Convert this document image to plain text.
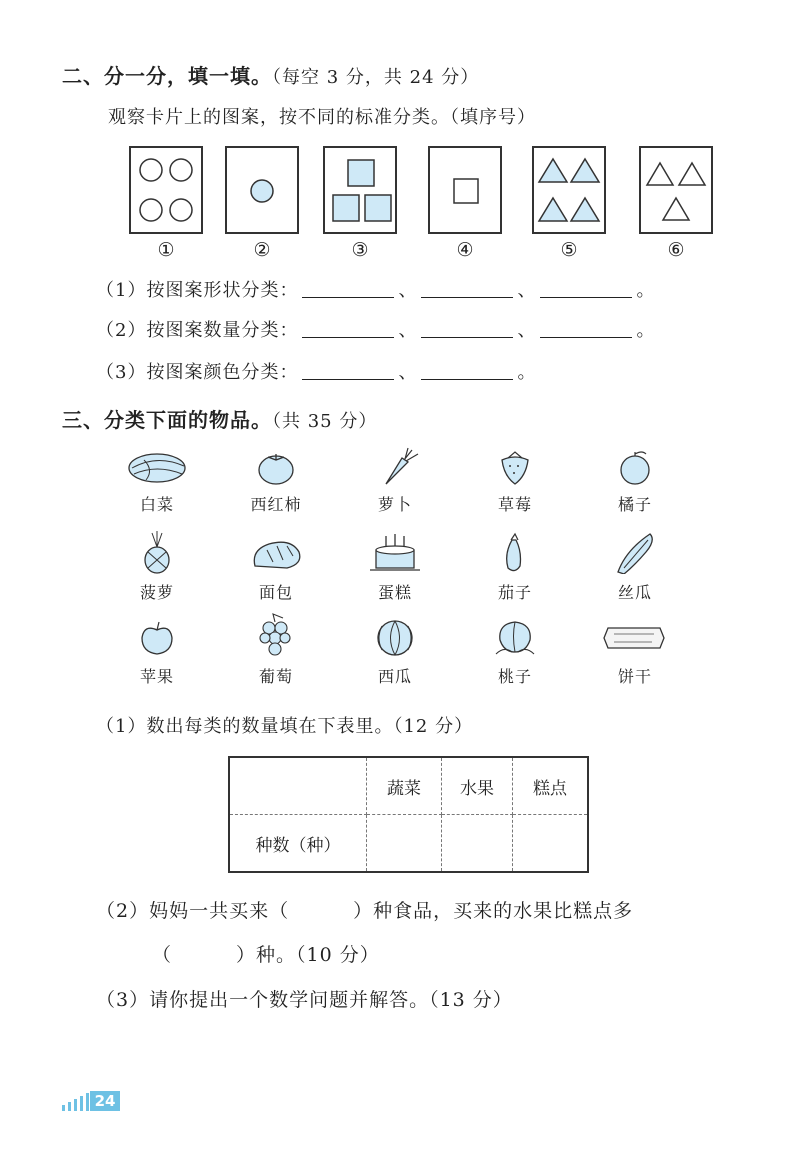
二、分一分，填一填。（每空 3 分，共 24 分）
观察卡片上的图案，按不同的标准分类。（填序号）
①	②	③	④	⑤	⑥
（1）按图案形状分类：	、	、	。
（2）按图案数量分类：	、	、	。
（3）按图案颜色分类：	、	。
三、分类下面的物品。（共 35 分）
白菜	西红柿	萝卜	草莓	橘子
菠萝	面包	蛋糕	茄子	丝瓜
苹果	葡萄	西瓜	桃子	饼干
（1）数出每类的数量填在下表里。（12 分）
	蔬菜	水果	糕点
种数（种）			
（2）妈妈一共买来（	）种食品，买来的水果比糕点多
（	）种。（10 分）
（3）请你提出一个数学问题并解答。（13 分）
24
